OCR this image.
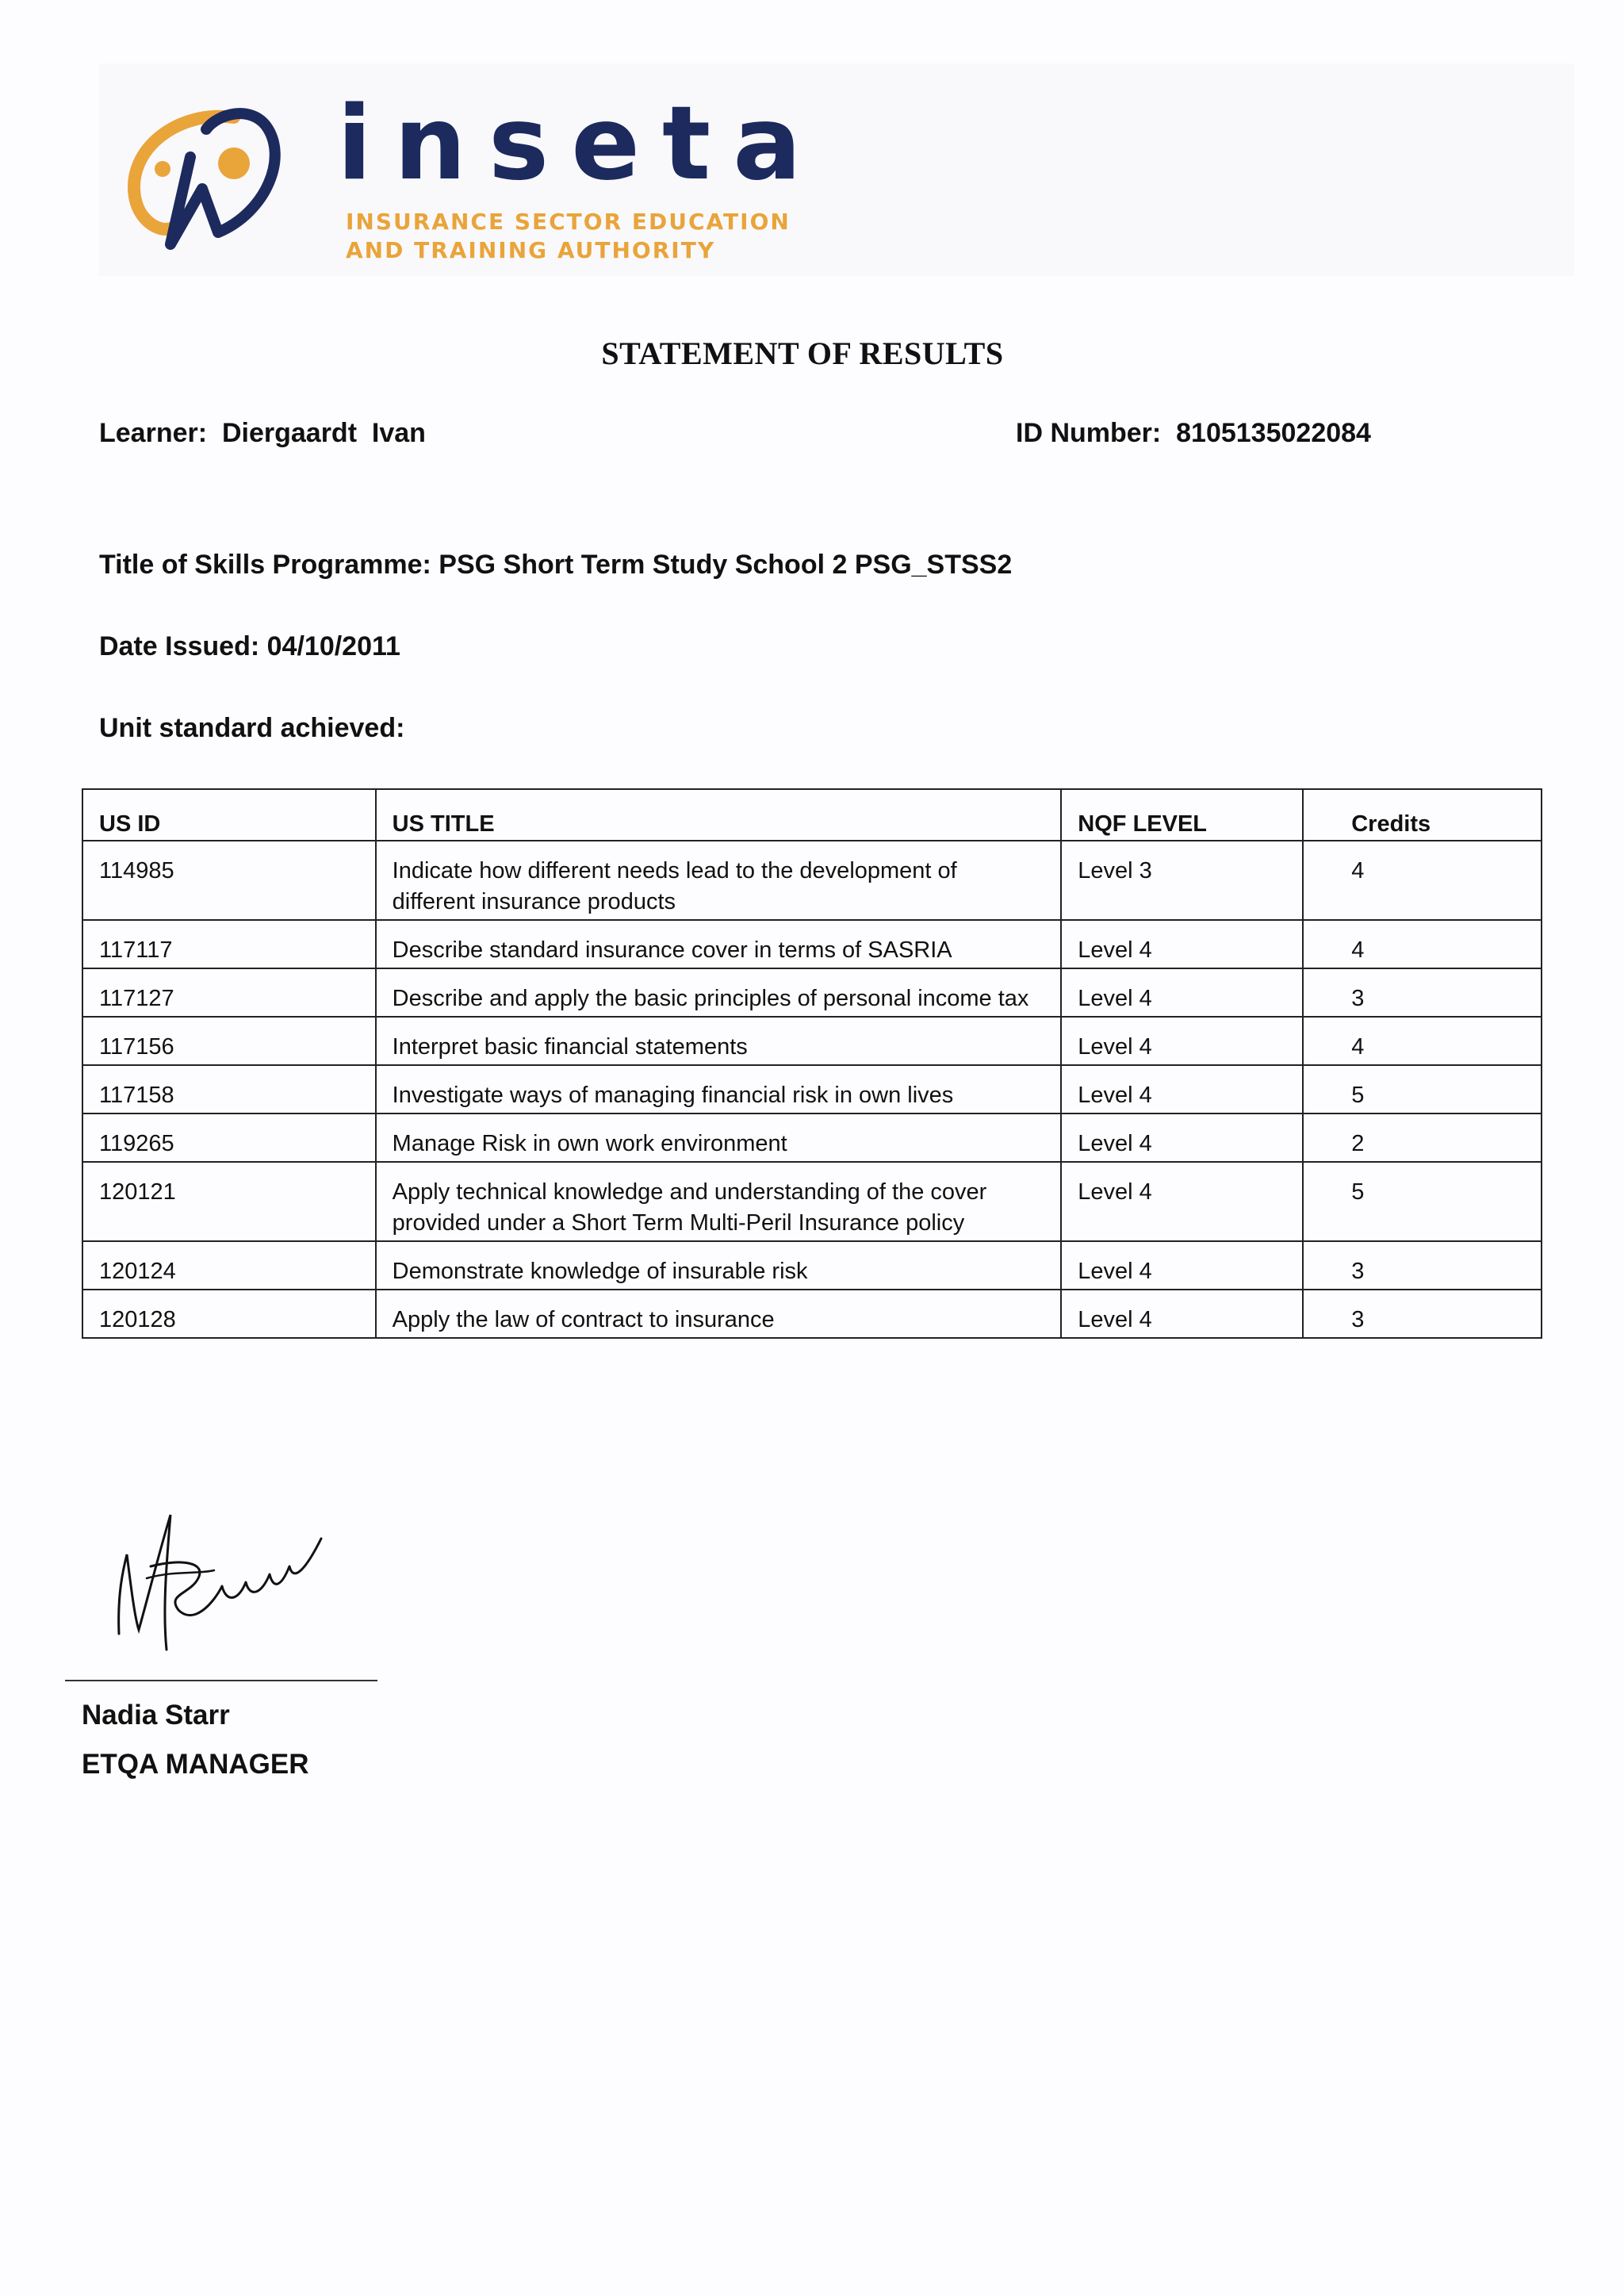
inseta
INSURANCE SECTOR EDUCATION
AND TRAINING AUTHORITY
STATEMENT OF RESULTS
Learner: Diergaardt  Ivan	ID Number: 8105135022084
Title of Skills Programme: PSG Short Term Study School 2 PSG_STSS2
Date Issued: 04/10/2011
Unit standard achieved:
US ID	US TITLE	NQF LEVEL	Credits
114985	Indicate how different needs lead to the development of different insurance products	Level 3	4
117117	Describe standard insurance cover in terms of SASRIA	Level 4	4
117127	Describe and apply the basic principles of personal income tax	Level 4	3
117156	Interpret basic financial statements	Level 4	4
117158	Investigate ways of managing financial risk in own lives	Level 4	5
119265	Manage Risk in own work environment	Level 4	2
120121	Apply technical knowledge and understanding of the cover provided under a Short Term Multi-Peril Insurance policy	Level 4	5
120124	Demonstrate knowledge of insurable risk	Level 4	3
120128	Apply the law of contract to insurance	Level 4	3
Nadia Starr
ETQA MANAGER
